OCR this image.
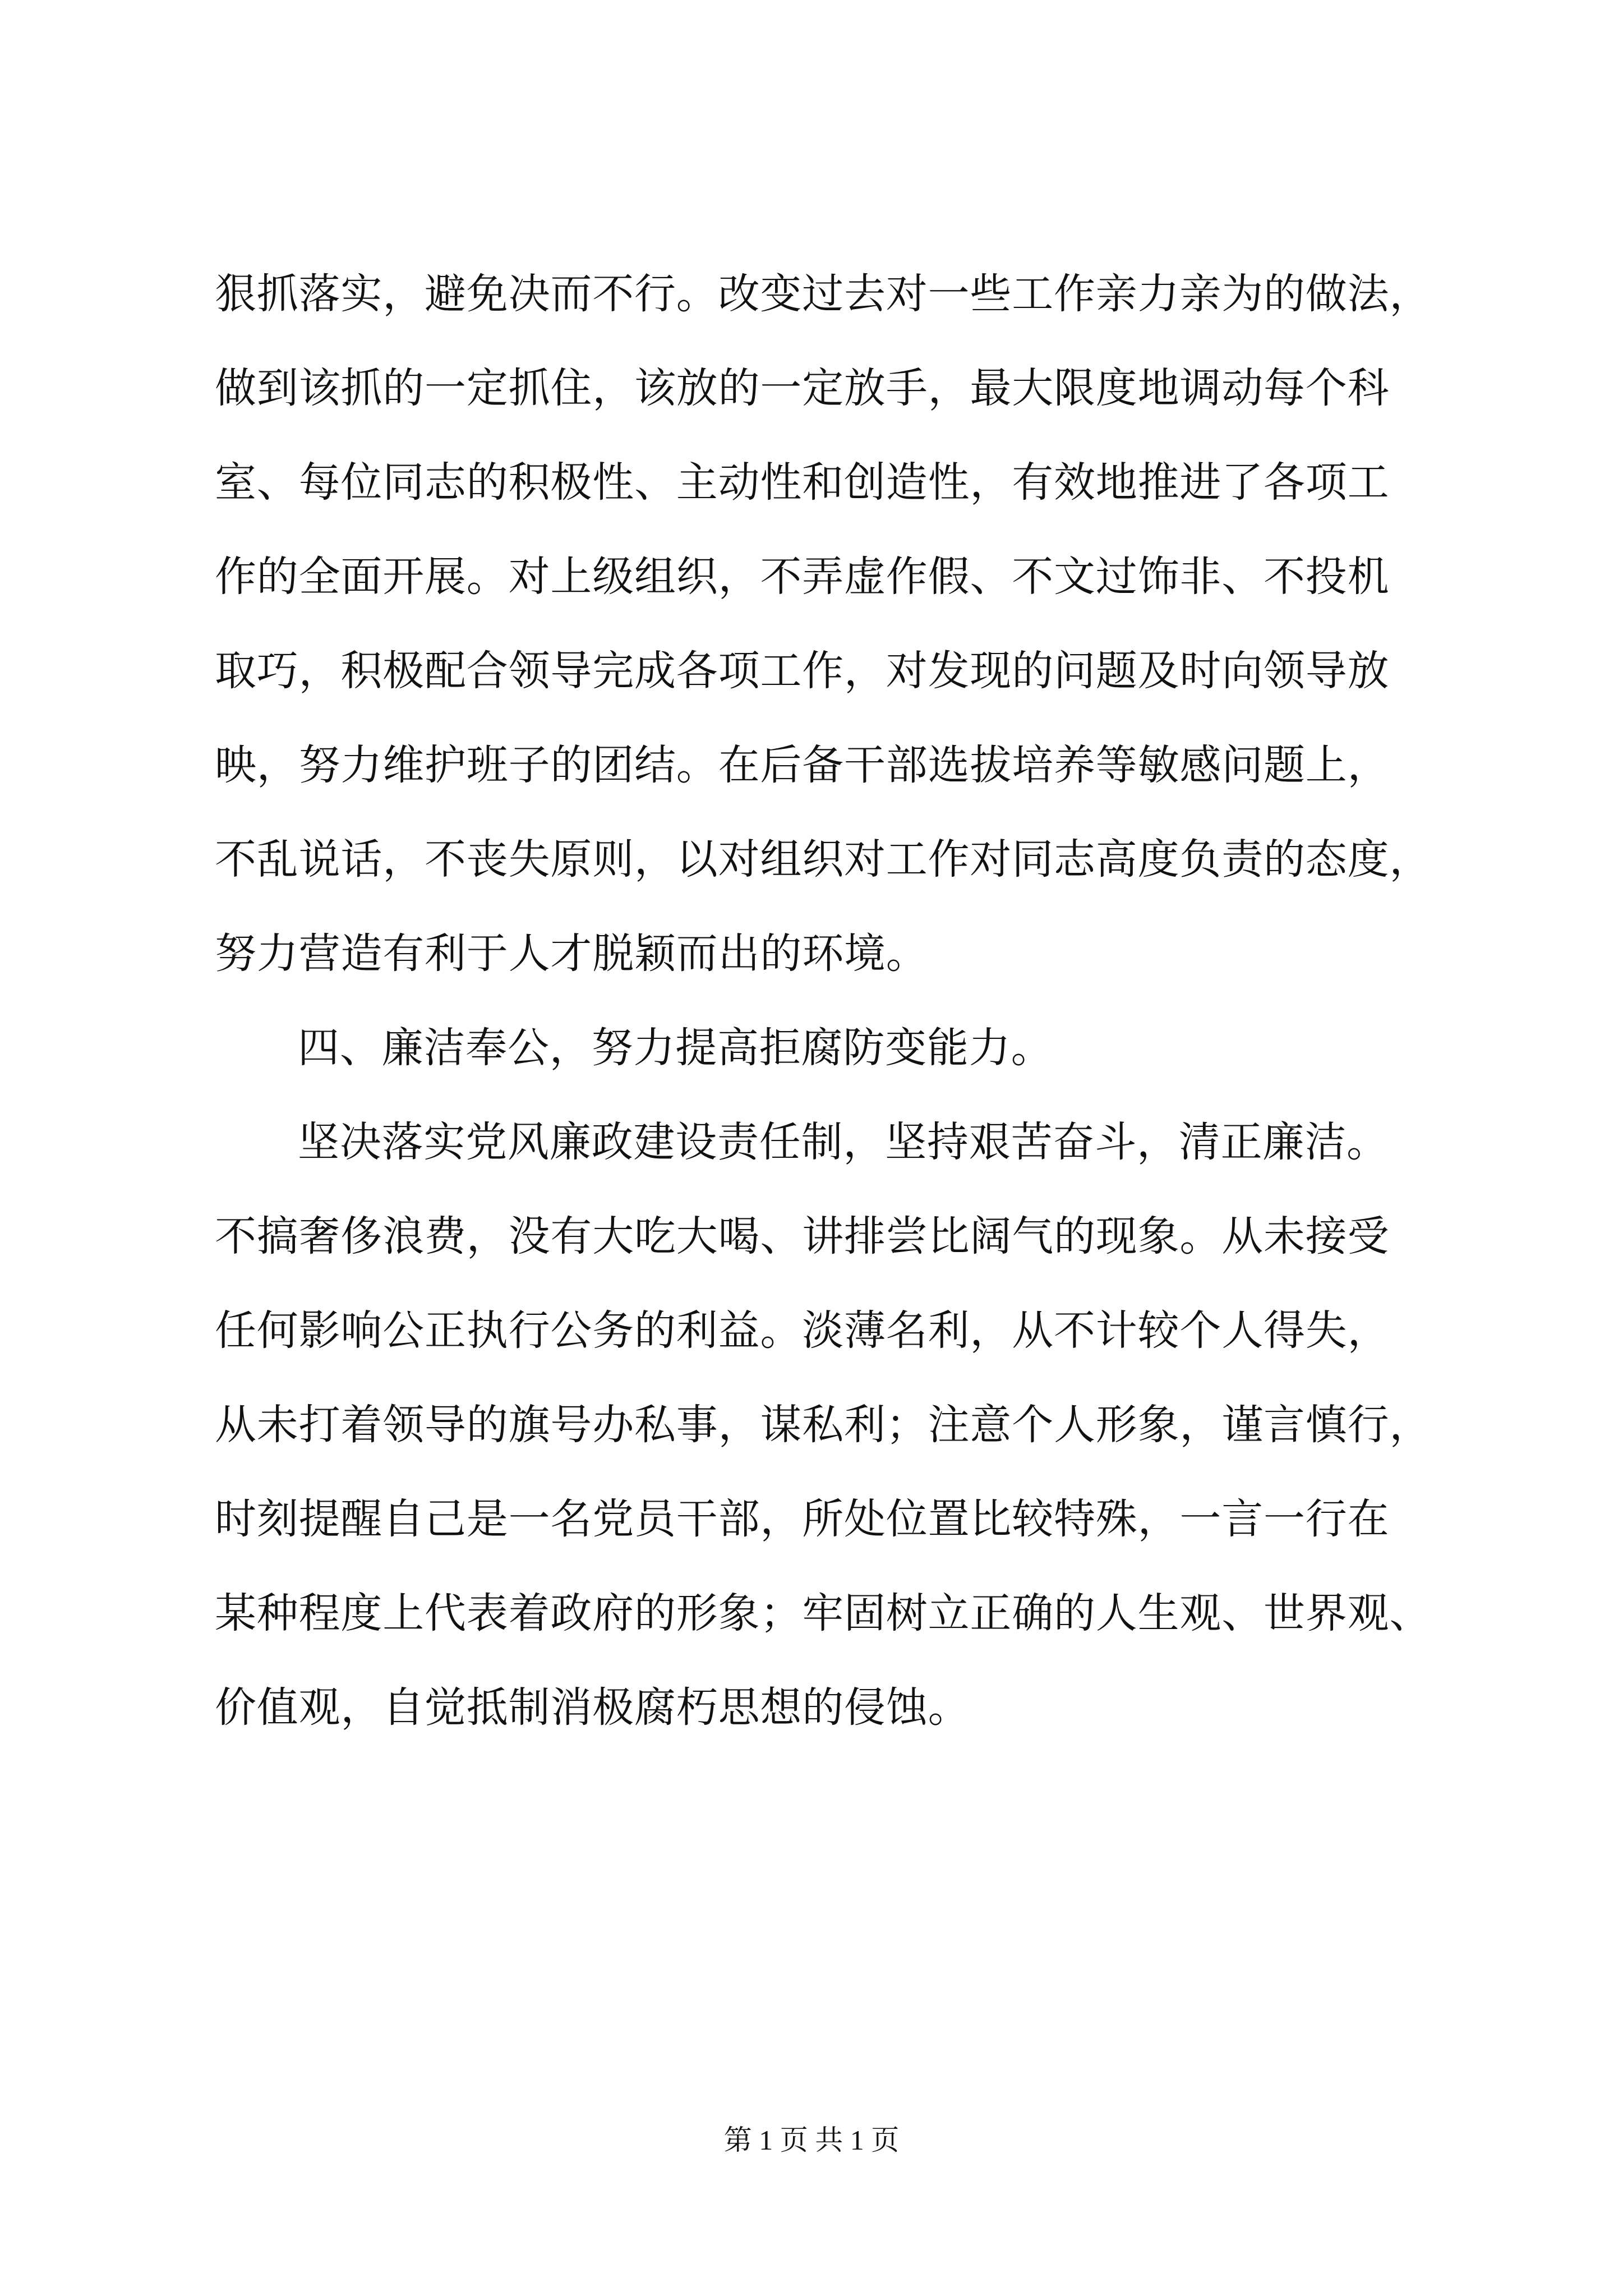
狠抓落实，避免决而不行。改变过去对一些工作亲力亲为的做法，
做到该抓的一定抓住，该放的一定放手，最大限度地调动每个科
室、每位同志的积极性、主动性和创造性，有效地推进了各项工
作的全面开展。对上级组织，不弄虚作假、不文过饰非、不投机
取巧，积极配合领导完成各项工作，对发现的问题及时向领导放
映，努力维护班子的团结。在后备干部选拔培养等敏感问题上，
不乱说话，不丧失原则，以对组织对工作对同志高度负责的态度，
努力营造有利于人才脱颖而出的环境。
四、廉洁奉公，努力提高拒腐防变能力。
坚决落实党风廉政建设责任制，坚持艰苦奋斗，清正廉洁。
不搞奢侈浪费，没有大吃大喝、讲排尝比阔气的现象。从未接受
任何影响公正执行公务的利益。淡薄名利，从不计较个人得失，
从未打着领导的旗号办私事，谋私利；注意个人形象，谨言慎行，
时刻提醒自己是一名党员干部，所处位置比较特殊，一言一行在
某种程度上代表着政府的形象；牢固树立正确的人生观、世界观、
价值观，自觉抵制消极腐朽思想的侵蚀。
第 1 页 共 1 页
